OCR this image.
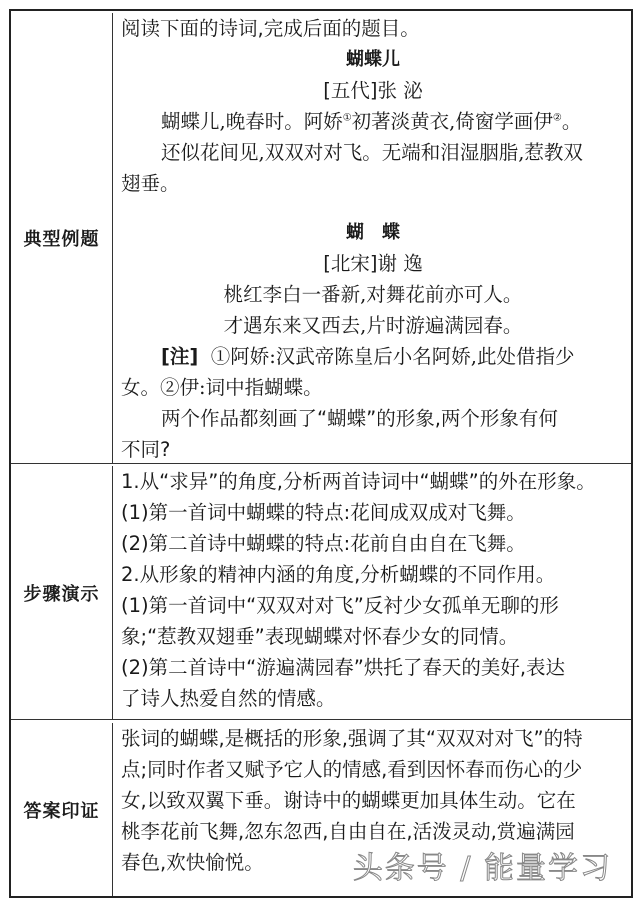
典型例题
阅读下面的诗词,完成后面的题目。
蝴蝶儿
[五代]张 泌
蝴蝶儿,晚春时。阿娇①初著淡黄衣,倚窗学画伊②。
还似花间见,双双对对飞。无端和泪湿胭脂,惹教双
翅垂。
蝴　蝶
[北宋]谢 逸
桃红李白一番新,对舞花前亦可人。
才遇东来又西去,片时游遍满园春。
[注] ①阿娇:汉武帝陈皇后小名阿娇,此处借指少
女。②伊:词中指蝴蝶。
两个作品都刻画了“蝴蝶”的形象,两个形象有何
不同?
步骤演示
1.从“求异”的角度,分析两首诗词中“蝴蝶”的外在形象。
(1)第一首词中蝴蝶的特点:花间成双成对飞舞。
(2)第二首诗中蝴蝶的特点:花前自由自在飞舞。
2.从形象的精神内涵的角度,分析蝴蝶的不同作用。
(1)第一首词中“双双对对飞”反衬少女孤单无聊的形
象;“惹教双翅垂”表现蝴蝶对怀春少女的同情。
(2)第二首诗中“游遍满园春”烘托了春天的美好,表达
了诗人热爱自然的情感。
答案印证
张词的蝴蝶,是概括的形象,强调了其“双双对对飞”的特
点;同时作者又赋予它人的情感,看到因怀春而伤心的少
女,以致双翼下垂。谢诗中的蝴蝶更加具体生动。它在
桃李花前飞舞,忽东忽西,自由自在,活泼灵动,赏遍满园
春色,欢快愉悦。	头条号 / 能量学习
